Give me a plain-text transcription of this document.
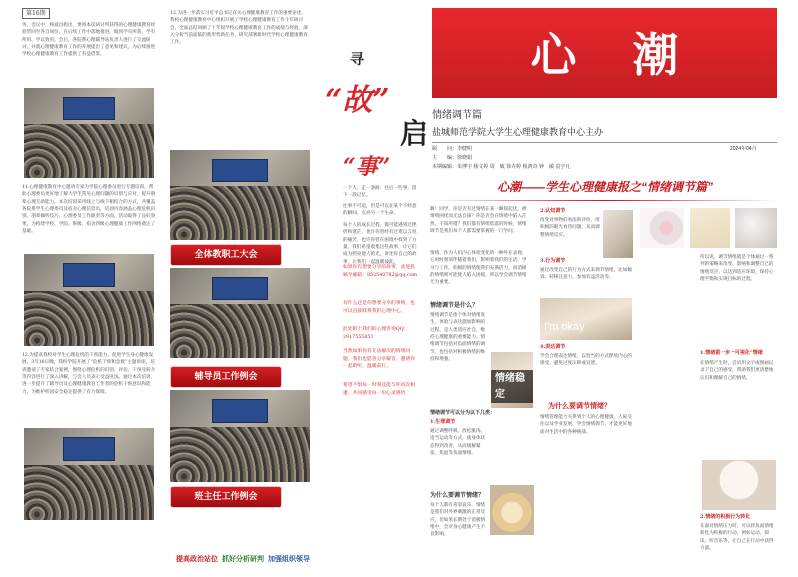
第16期
务。会议中，杨爱昌指出，要将本次研讨所获得的心理健康教育经验带回至各自岗位，在后续工作中落地推进，做到学有所获、学有所用、学以致用。会后，各院系心理辅导站负责人进行了交流研讨，并就心理健康教育工作的开展提出了意见和建议，为后续推进学校心理健康教育工作提供了有益借鉴。
11.心理健康教育中心邀请专家为学院心理委员进行专题培训，帮助心理委员更好地了解大学生常见心理问题的识别与应对，提升朋辈心理互助能力。本次培训采用线上与线下相结合的方式，共覆盖各院系学生心理委员及宿舍心理信息员，培训内容涵盖心理危机识别、朋辈倾听技巧、心理委员工作职责等方面，活动取得了良好效果，为构建学校、学院、班级、宿舍四级心理健康工作网络奠定了基础。
12.为提高我校对学生心理危机的干预能力，促进学生身心健康发展，3月16日晚，我校学院开展了“危机干预和急救”主题讲座，培训邀请了专家结合案例，围绕心理危机的识别、评估、干预及转介等内容进行了深入讲解，与会人员表示受益匪浅。通过本次培训，进一步提升了辅导员及心理健康教育工作者的危机干预意识和能力，为维护校园安全稳定提供了有力保障。
13.为进一步落实习近平总书记有关心理健康教育工作的重要论述，我校心理健康教育中心组织开展了学校心理健康教育工作十年研讨会，全面总结回顾了十年间学校心理健康教育工作的成绩与经验，深入分析当前面临的新形势新任务，研究部署新时代学校心理健康教育工作。
全体教职工大会
辅导员工作例会
班主任工作例会
提高政治站位 抓好分析研判 加强组织领导
寻
“故”
启
“事”
一个人，走一条路；往后一些事，留下一段记忆。
往事不可追，但是可以在某个不经意的瞬间，点亮另一个生命。
每个人的成长过程，都可能遇到过挫折和迷茫，也许你曾经有过难以言说的痛苦，也许你曾在困境中找到了力量。我们希望收集这些故事，让它们成为照亮他人的光，讲述你自己的故事，让我们一起温暖彼此。
如果你有想要分享的故事，欢迎投稿至邮箱：852540782@qq.com
有什么还是你想要分享的事情，也可以直接联系我们心理中心。
此处附上我们的心理咨询QQ：2917555851
当然如果你有无法解决的情绪问题，我们也愿意分享解答，邀请你一起聆听，温暖前行。
希望不惧每一时刻还能与你再次相逢，共同感受每一份心灵感悟
心潮
情绪调节篇
盐城师范学院大学生心理健康教育中心主办
顾　　问：李健明
主　　编：徐晓娟
本期编辑：朱博宇 杨文婷 周　敏 徐卉婷 杨鸿奇 钟　敏 袁宇凡
2024年04月
心潮——学生心理健康报之“情绪调节篇”
嗨！同学，你是否有过情绪在某一瞬间起伏，被情绪困扰而无法自拔？你是否会在情绪中陷入茫然，不知所措？我们都有情绪低落的时候，情绪调节是我们每个人都需要掌握的一门学问。
情绪，作为人们内心体验变化的一种外在表现，它时时刻刻伴随着我们，影响着我们的生活、学习与工作。积极的情绪使我们充满活力，而消极的情绪则可能使人陷入困境，所以学会调节情绪尤为重要。
情绪调节是什么？
情绪调节是指个体对情绪发生、体验与表达施加影响的过程，是人类适应社会、维持心理健康的重要能力。情绪调节包括对负面情绪的调节，也包括对积极情绪的维持和增强。
情绪稳定
情绪调节可以分为以下几类：
1.生理调节
通过调整呼吸、放松肌肉、适当运动等方式，使身体状态得到改善，从而缓解紧张、焦虑等负面情绪。
为什么要调节情绪？
每个人都有喜怒哀乐，情绪是我们对外界刺激的正常反应，但如果长期处于消极情绪中，会对身心健康产生不良影响。
2.认知调节
改变对事物的看法和评价，用积极的眼光看待问题，从而调整情绪反应。
3.行为调节
通过改变自己的行为方式来调节情绪，比如倾诉、转移注意力、参加有益活动等。
I'm okay
4.表达调节
学会合理表达情绪，以恰当的方式释放内心的感受，避免过度压抑或宣泄。
为什么要调节情绪？
情绪管理能力关系到个人的心理健康、人际交往以及学业发展，学会情绪调节，才能更好地面对生活中的各种挑战。
所以说，调节情绪就是个体通过一系列的策略来改变、影响和调整自己的情绪反应，以达到适应环境、保持心理平衡和实现目标的过程。
1.情绪第一步 “可视化”情绪
在情绪产生时，尝试用文字或图画记录下自己的感受，帮助我们更清楚地认识和理解自己的情绪。
2.情绪的积极行为转化
在面对情绪压力时，可以将负面情绪转化为积极的行动，例如运动、阅读、听音乐等，让自己在行动中获得力量。
